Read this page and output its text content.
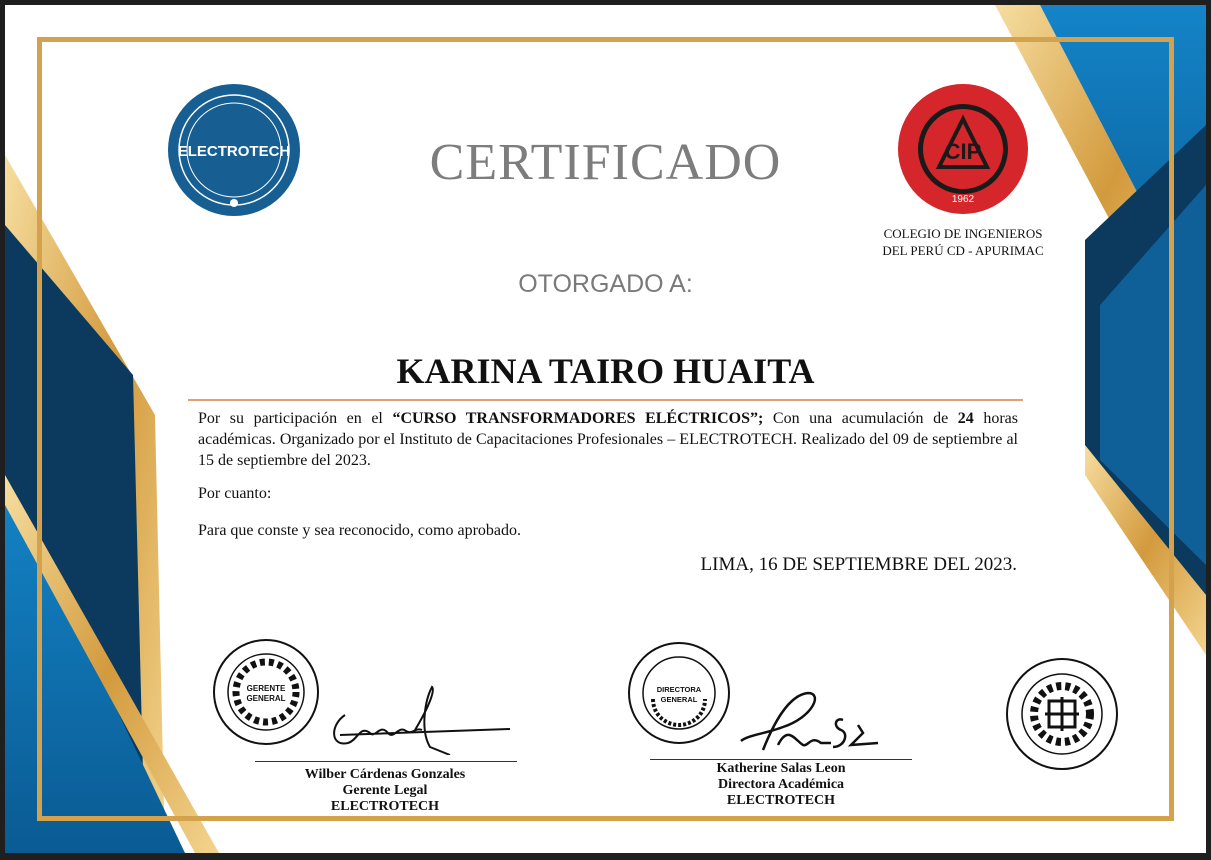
ELECTROTECH	CIP
1962
COLEGIO DE INGENIEROS
DEL PERÚ CD - APURIMAC
CERTIFICADO
OTORGADO A:
KARINA TAIRO HUAITA
Por su participación en el “CURSO TRANSFORMADORES ELÉCTRICOS”; Con una acumulación de 24 horas académicas. Organizado por el Instituto de Capacitaciones Profesionales – ELECTROTECH. Realizado del 09 de septiembre al 15 de septiembre del 2023.
Por cuanto:
Para que conste y sea reconocido, como aprobado.
LIMA, 16 DE SEPTIEMBRE DEL 2023.
GERENTE
GENERAL
Wilber Cárdenas Gonzales
Gerente Legal
ELECTROTECH
DIRECTORA
GENERAL
Katherine Salas Leon
Directora Académica
ELECTROTECH
